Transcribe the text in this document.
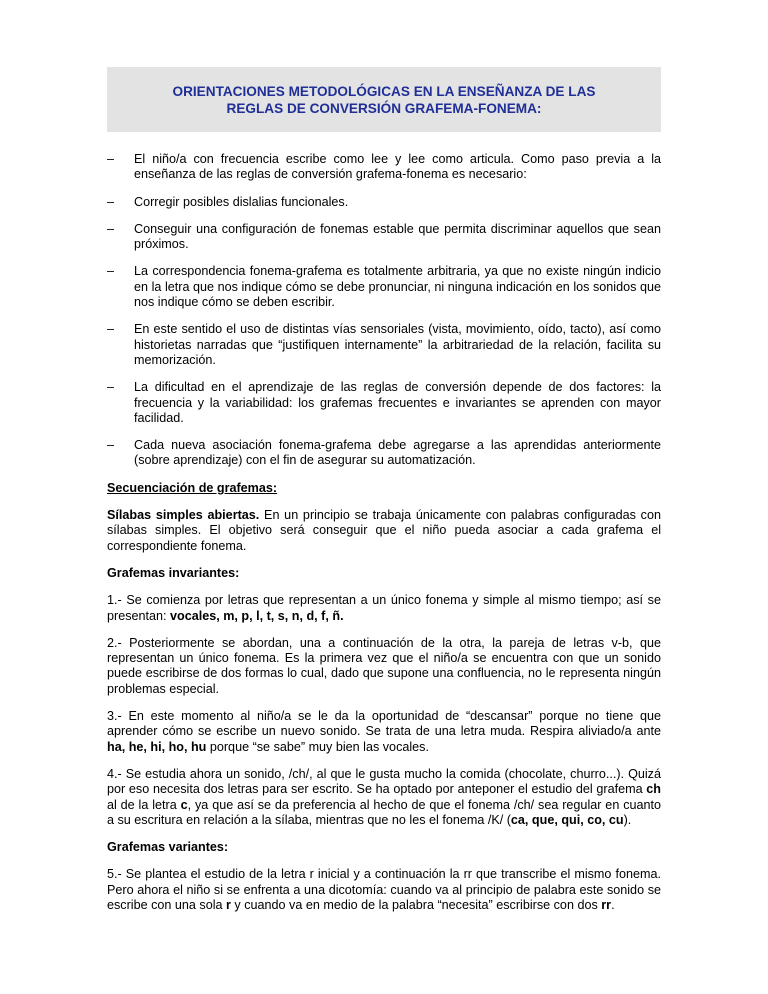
ORIENTACIONES METODOLÓGICAS EN LA ENSEÑANZA DE LAS

REGLAS DE CONVERSIÓN GRAFEMA-FONEMA:

–	El niño/a con frecuencia escribe como lee y lee como articula. Como paso previa a la enseñanza de las reglas de conversión grafema-fonema es necesario:
–	Corregir posibles dislalias funcionales.
–	Conseguir una configuración de fonemas estable que permita discriminar aquellos que sean próximos.
–	La correspondencia fonema-grafema es totalmente arbitraria, ya que no existe ningún indicio en la letra que nos indique cómo se debe pronunciar, ni ninguna indicación en los sonidos que nos indique cómo se deben escribir.
–	En este sentido el uso de distintas vías sensoriales (vista, movimiento, oído, tacto), así como historietas narradas que “justifiquen internamente” la arbitrariedad de la relación, facilita su memorización.
–	La dificultad en el aprendizaje de las reglas de conversión depende de dos factores: la frecuencia y la variabilidad: los grafemas frecuentes e invariantes se aprenden con mayor facilidad.
–	Cada nueva asociación fonema-grafema debe agregarse a las aprendidas anteriormente (sobre aprendizaje) con el fin de asegurar su automatización.

Secuenciación de grafemas:

Sílabas simples abiertas. En un principio se trabaja únicamente con palabras configuradas con sílabas simples. El objetivo será conseguir que el niño pueda asociar a cada grafema el correspondiente fonema.

Grafemas invariantes:

1.- Se comienza por letras que representan a un único fonema y simple al mismo tiempo; así se presentan: vocales, m, p, l, t, s, n, d, f, ñ.

2.- Posteriormente se abordan, una a continuación de la otra, la pareja de letras v-b, que representan un único fonema. Es la primera vez que el niño/a se encuentra con que un sonido puede escribirse de dos formas lo cual, dado que supone una confluencia, no le representa ningún problemas especial.

3.- En este momento al niño/a se le da la oportunidad de “descansar” porque no tiene que aprender cómo se escribe un nuevo sonido. Se trata de una letra muda. Respira aliviado/a ante ha, he, hi, ho, hu porque “se sabe” muy bien las vocales.

4.- Se estudia ahora un sonido, /ch/, al que le gusta mucho la comida (chocolate, churro...). Quizá por eso necesita dos letras para ser escrito. Se ha optado por anteponer el estudio del grafema ch al de la letra c, ya que así se da preferencia al hecho de que el fonema /ch/ sea regular en cuanto a su escritura en relación a la sílaba, mientras que no les el fonema /K/ (ca, que, qui, co, cu).

Grafemas variantes:

5.- Se plantea el estudio de la letra r inicial y a continuación la rr que transcribe el mismo fonema. Pero ahora el niño si se enfrenta a una dicotomía: cuando va al principio de palabra este sonido se escribe con una sola r y cuando va en medio de la palabra “necesita” escribirse con dos rr.
